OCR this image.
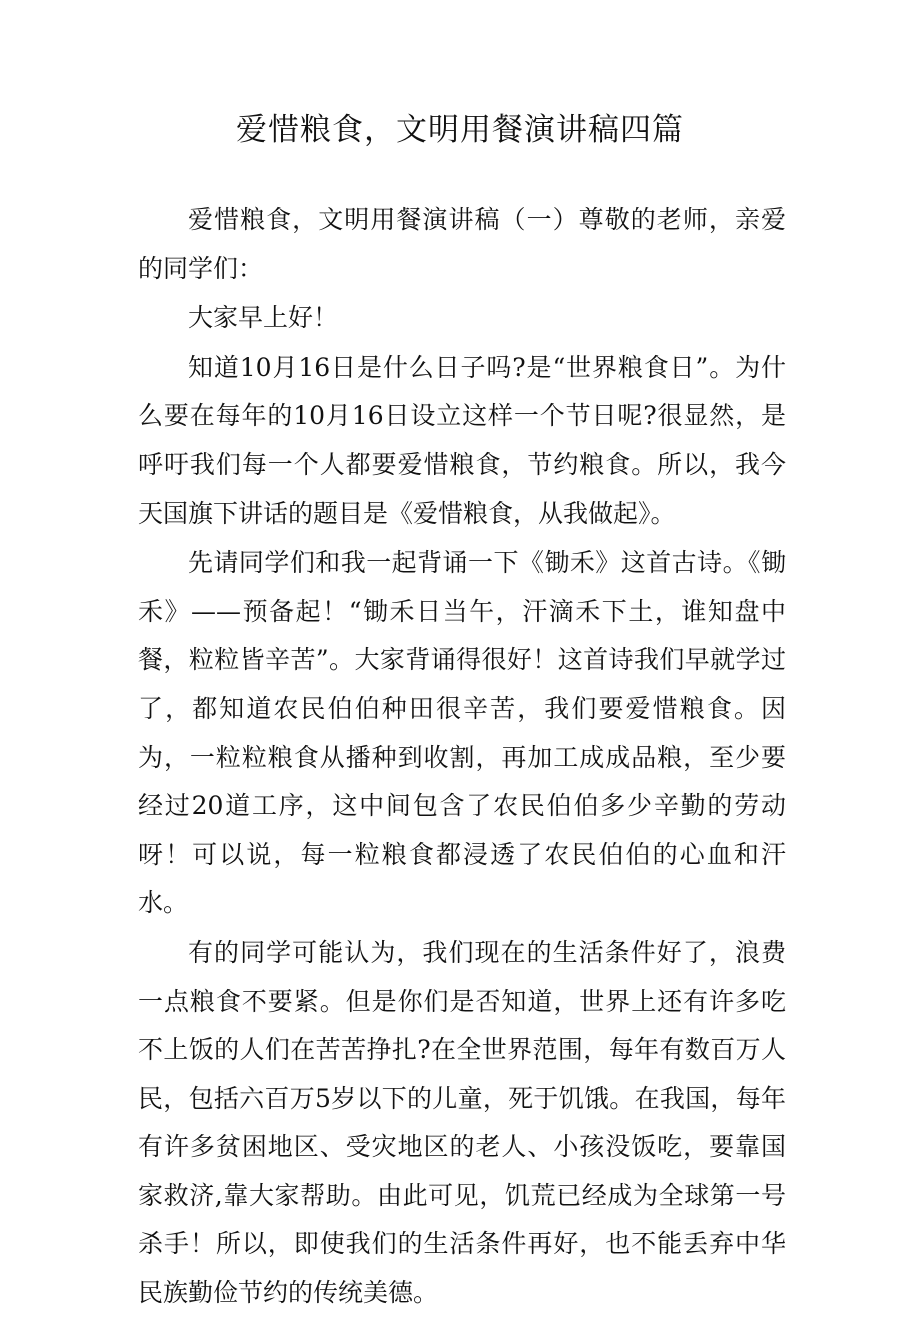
爱惜粮食，文明用餐演讲稿四篇

爱惜粮食，文明用餐演讲稿（一）尊敬的老师，亲爱的同学们：

大家早上好！

知道10月16日是什么日子吗?是“世界粮食日”。为什么要在每年的10月16日设立这样一个节日呢?很显然，是呼吁我们每一个人都要爱惜粮食，节约粮食。所以，我今天国旗下讲话的题目是《爱惜粮食，从我做起》。

先请同学们和我一起背诵一下《锄禾》这首古诗。《锄禾》——预备起！“锄禾日当午，汗滴禾下土，谁知盘中餐，粒粒皆辛苦”。大家背诵得很好！这首诗我们早就学过了，都知道农民伯伯种田很辛苦，我们要爱惜粮食。因为，一粒粒粮食从播种到收割，再加工成成品粮，至少要经过20道工序，这中间包含了农民伯伯多少辛勤的劳动呀！可以说，每一粒粮食都浸透了农民伯伯的心血和汗水。

有的同学可能认为，我们现在的生活条件好了，浪费一点粮食不要紧。但是你们是否知道，世界上还有许多吃不上饭的人们在苦苦挣扎?在全世界范围，每年有数百万人民，包括六百万5岁以下的儿童，死于饥饿。在我国，每年有许多贫困地区、受灾地区的老人、小孩没饭吃，要靠国家救济,靠大家帮助。由此可见，饥荒已经成为全球第一号杀手！所以，即使我们的生活条件再好，也不能丢弃中华民族勤俭节约的传统美德。
